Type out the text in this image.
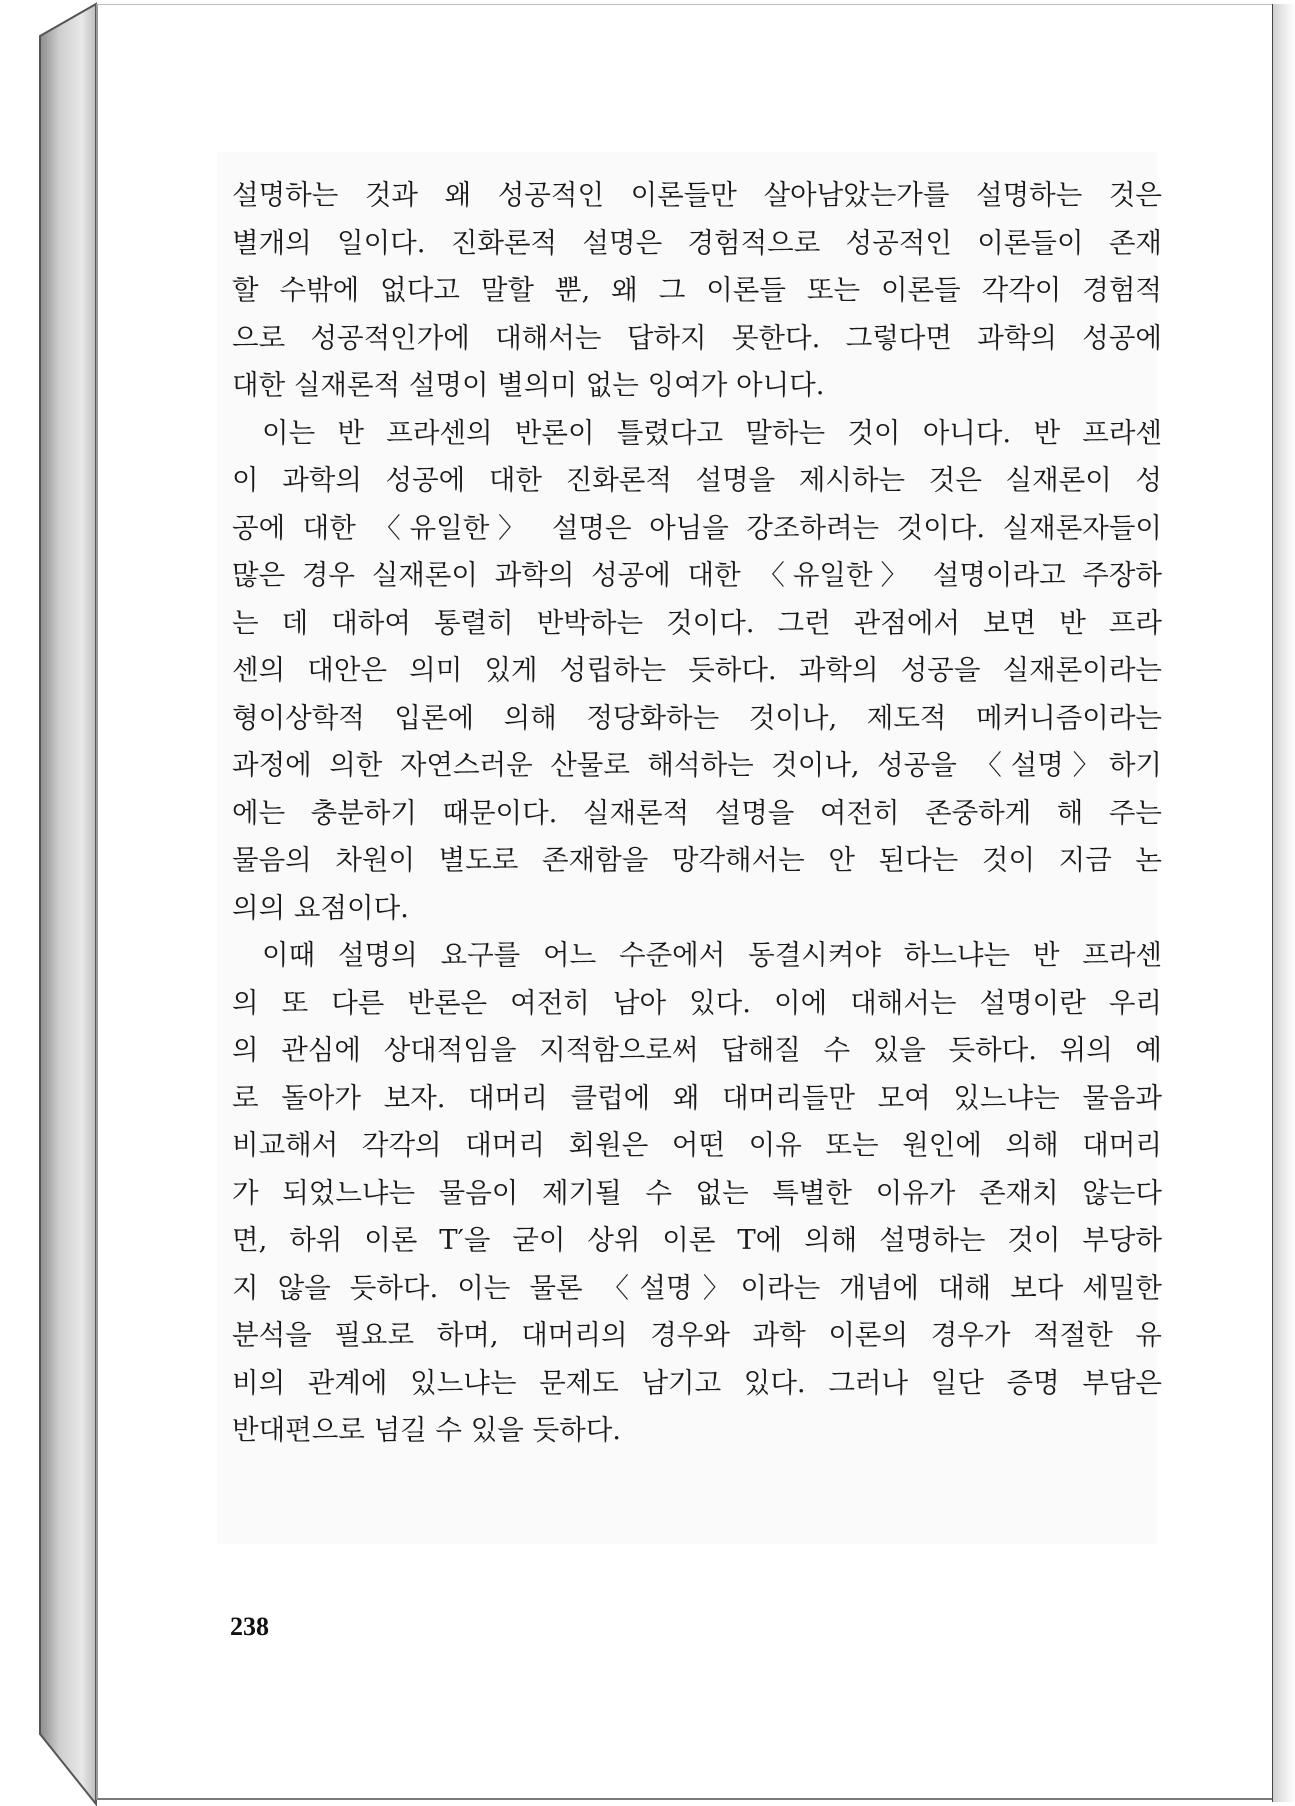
설명하는 것과 왜 성공적인 이론들만 살아남았는가를 설명하는 것은
별개의 일이다. 진화론적 설명은 경험적으로 성공적인 이론들이 존재
할 수밖에 없다고 말할 뿐, 왜 그 이론들 또는 이론들 각각이 경험적
으로 성공적인가에 대해서는 답하지 못한다. 그렇다면 과학의 성공에
대한 실재론적 설명이 별의미 없는 잉여가 아니다.
이는 반 프라센의 반론이 틀렸다고 말하는 것이 아니다. 반 프라센
이 과학의 성공에 대한 진화론적 설명을 제시하는 것은 실재론이 성
공에 대한 〈유일한〉 설명은 아님을 강조하려는 것이다. 실재론자들이
많은 경우 실재론이 과학의 성공에 대한 〈유일한〉 설명이라고 주장하
는 데 대하여 통렬히 반박하는 것이다. 그런 관점에서 보면 반 프라
센의 대안은 의미 있게 성립하는 듯하다. 과학의 성공을 실재론이라는
형이상학적 입론에 의해 정당화하는 것이나, 제도적 메커니즘이라는
과정에 의한 자연스러운 산물로 해석하는 것이나, 성공을 〈설명〉하기
에는 충분하기 때문이다. 실재론적 설명을 여전히 존중하게 해 주는
물음의 차원이 별도로 존재함을 망각해서는 안 된다는 것이 지금 논
의의 요점이다.
이때 설명의 요구를 어느 수준에서 동결시켜야 하느냐는 반 프라센
의 또 다른 반론은 여전히 남아 있다. 이에 대해서는 설명이란 우리
의 관심에 상대적임을 지적함으로써 답해질 수 있을 듯하다. 위의 예
로 돌아가 보자. 대머리 클럽에 왜 대머리들만 모여 있느냐는 물음과
비교해서 각각의 대머리 회원은 어떤 이유 또는 원인에 의해 대머리
가 되었느냐는 물음이 제기될 수 없는 특별한 이유가 존재치 않는다
면, 하위 이론 T′을 굳이 상위 이론 T에 의해 설명하는 것이 부당하
지 않을 듯하다. 이는 물론 〈설명〉이라는 개념에 대해 보다 세밀한
분석을 필요로 하며, 대머리의 경우와 과학 이론의 경우가 적절한 유
비의 관계에 있느냐는 문제도 남기고 있다. 그러나 일단 증명 부담은
반대편으로 넘길 수 있을 듯하다.
238
